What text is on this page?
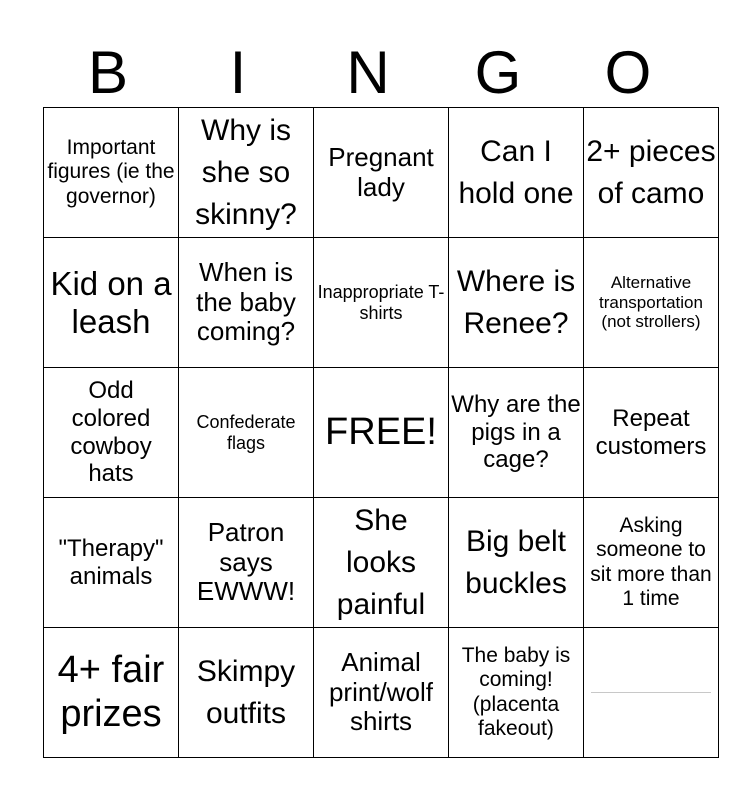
B	I	N	G	O
Important figures (ie the governor)	Why is she so skinny?	Pregnant lady	Can I hold one	2+ pieces of camo

Kid on a leash	When is the baby coming?	Inappropriate T-shirts	Where is Renee?	Alternative transportation (not strollers)

Odd colored cowboy hats	Confederate flags	FREE!	Why are the pigs in a cage?	Repeat customers

"Therapy" animals	Patron says EWWW!	She looks painful	Big belt buckles	Asking someone to sit more than 1 time

4+ fair prizes	Skimpy outfits	Animal print/wolf shirts	The baby is coming! (placenta fakeout)	
